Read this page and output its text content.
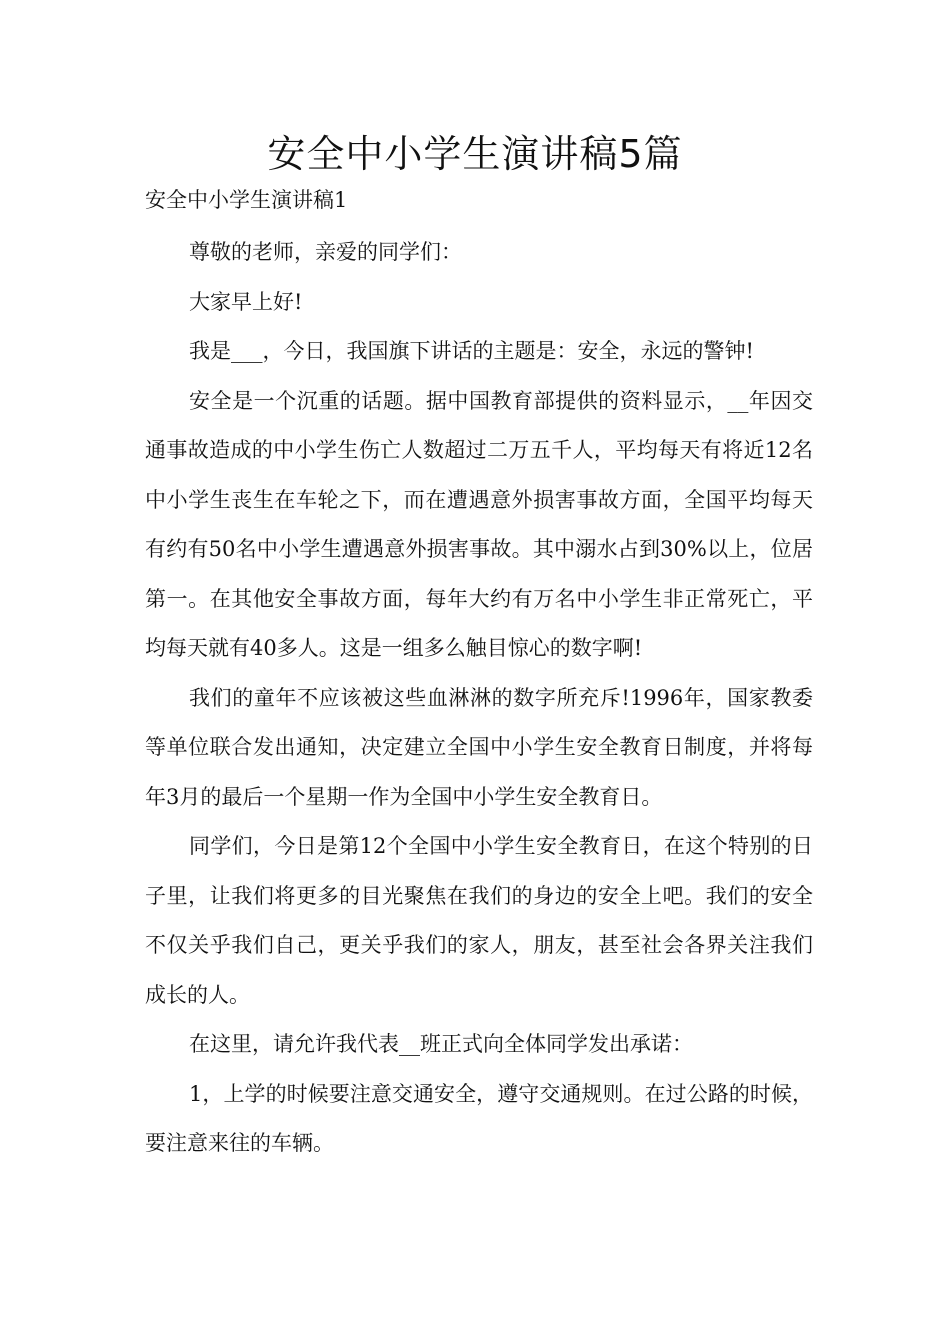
安全中小学生演讲稿5篇
安全中小学生演讲稿1

尊敬的老师，亲爱的同学们：

大家早上好!

我是___，今日，我国旗下讲话的主题是：安全，永远的警钟!

安全是一个沉重的话题。据中国教育部提供的资料显示，__年因交通事故造成的中小学生伤亡人数超过二万五千人，平均每天有将近12名中小学生丧生在车轮之下，而在遭遇意外损害事故方面，全国平均每天有约有50名中小学生遭遇意外损害事故。其中溺水占到30%以上，位居第一。在其他安全事故方面，每年大约有万名中小学生非正常死亡，平均每天就有40多人。这是一组多么触目惊心的数字啊!

我们的童年不应该被这些血淋淋的数字所充斥!1996年，国家教委等单位联合发出通知，决定建立全国中小学生安全教育日制度，并将每年3月的最后一个星期一作为全国中小学生安全教育日。

同学们，今日是第12个全国中小学生安全教育日，在这个特别的日子里，让我们将更多的目光聚焦在我们的身边的安全上吧。我们的安全不仅关乎我们自己，更关乎我们的家人，朋友，甚至社会各界关注我们成长的人。

在这里，请允许我代表__班正式向全体同学发出承诺：

1，上学的时候要注意交通安全，遵守交通规则。在过公路的时候，要注意来往的车辆。
